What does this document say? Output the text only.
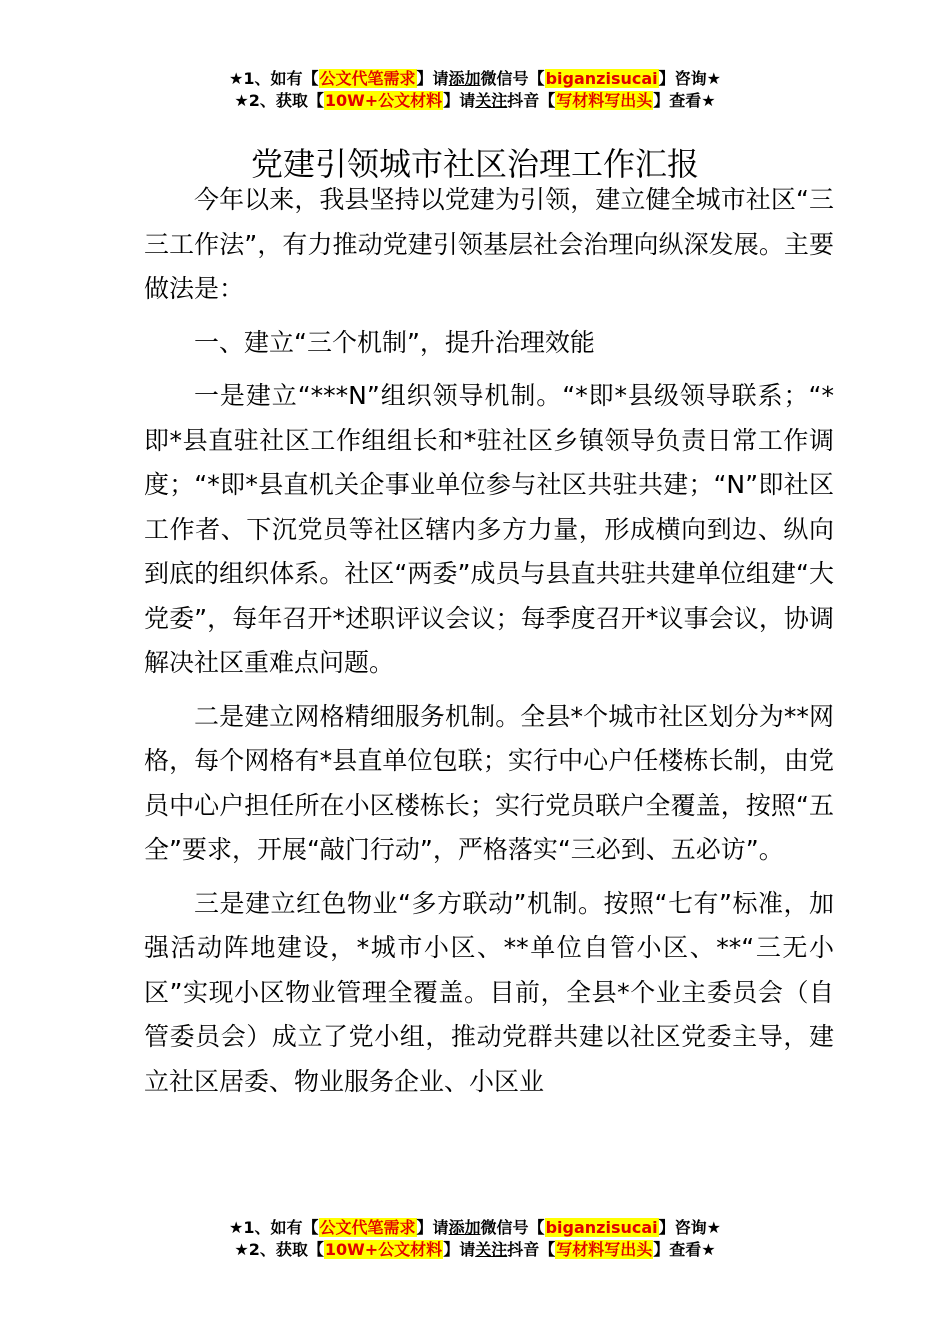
★1、如有【公文代笔需求】请添加微信号【biganzisucai】咨询★
★2、获取【10W+公文材料】请关注抖音【写材料写出头】查看★
党建引领城市社区治理工作汇报

今年以来，我县坚持以党建为引领，建立健全城市社区“三三工作法”，有力推动党建引领基层社会治理向纵深发展。主要做法是：

一、建立“三个机制”，提升治理效能

一是建立“***N”组织领导机制。“*即*县级领导联系；“*即*县直驻社区工作组组长和*驻社区乡镇领导负责日常工作调度；“*即*县直机关企事业单位参与社区共驻共建；“N”即社区工作者、下沉党员等社区辖内多方力量，形成横向到边、纵向到底的组织体系。社区“两委”成员与县直共驻共建单位组建“大党委”，每年召开*述职评议会议；每季度召开*议事会议，协调解决社区重难点问题。

二是建立网格精细服务机制。全县*个城市社区划分为**网格，每个网格有*县直单位包联；实行中心户任楼栋长制，由党员中心户担任所在小区楼栋长；实行党员联户全覆盖，按照“五全”要求，开展“敲门行动”，严格落实“三必到、五必访”。

三是建立红色物业“多方联动”机制。按照“七有”标准，加强活动阵地建设，*城市小区、**单位自管小区、**“三无小区”实现小区物业管理全覆盖。目前，全县*个业主委员会（自管委员会）成立了党小组，推动党群共建以社区党委主导，建立社区居委、物业服务企业、小区业

★1、如有【公文代笔需求】请添加微信号【biganzisucai】咨询★
★2、获取【10W+公文材料】请关注抖音【写材料写出头】查看★
